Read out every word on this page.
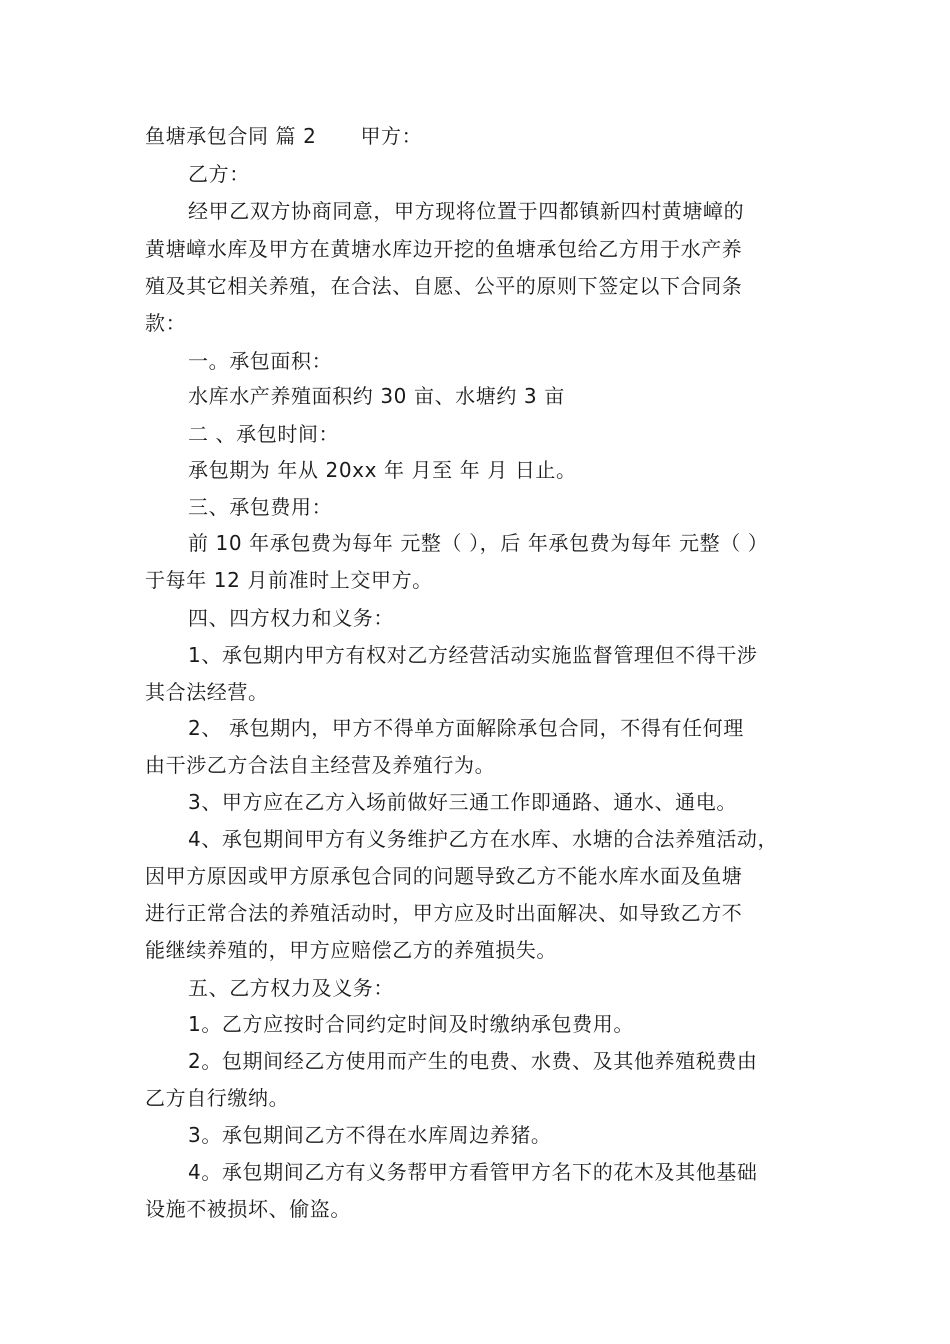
鱼塘承包合同 篇 2 甲方：
乙方：
经甲乙双方协商同意，甲方现将位置于四都镇新四村黄塘嶂的
黄塘嶂水库及甲方在黄塘水库边开挖的鱼塘承包给乙方用于水产养
殖及其它相关养殖，在合法、自愿、公平的原则下签定以下合同条
款：
一。承包面积：
水库水产养殖面积约 30 亩、水塘约 3 亩
二 、承包时间：
承包期为 年从 20xx 年 月至 年 月 日止。
三、承包费用：
前 10 年承包费为每年 元整（ ），后 年承包费为每年 元整（ ）
于每年 12 月前准时上交甲方。
四、四方权力和义务：
1、承包期内甲方有权对乙方经营活动实施监督管理但不得干涉
其合法经营。
2、 承包期内，甲方不得单方面解除承包合同，不得有任何理
由干涉乙方合法自主经营及养殖行为。
3、甲方应在乙方入场前做好三通工作即通路、通水、通电。
4、承包期间甲方有义务维护乙方在水库、水塘的合法养殖活动，
因甲方原因或甲方原承包合同的问题导致乙方不能水库水面及鱼塘
进行正常合法的养殖活动时，甲方应及时出面解决、如导致乙方不
能继续养殖的，甲方应赔偿乙方的养殖损失。
五、乙方权力及义务：
1。乙方应按时合同约定时间及时缴纳承包费用。
2。包期间经乙方使用而产生的电费、水费、及其他养殖税费由
乙方自行缴纳。
3。承包期间乙方不得在水库周边养猪。
4。承包期间乙方有义务帮甲方看管甲方名下的花木及其他基础
设施不被损坏、偷盗。
